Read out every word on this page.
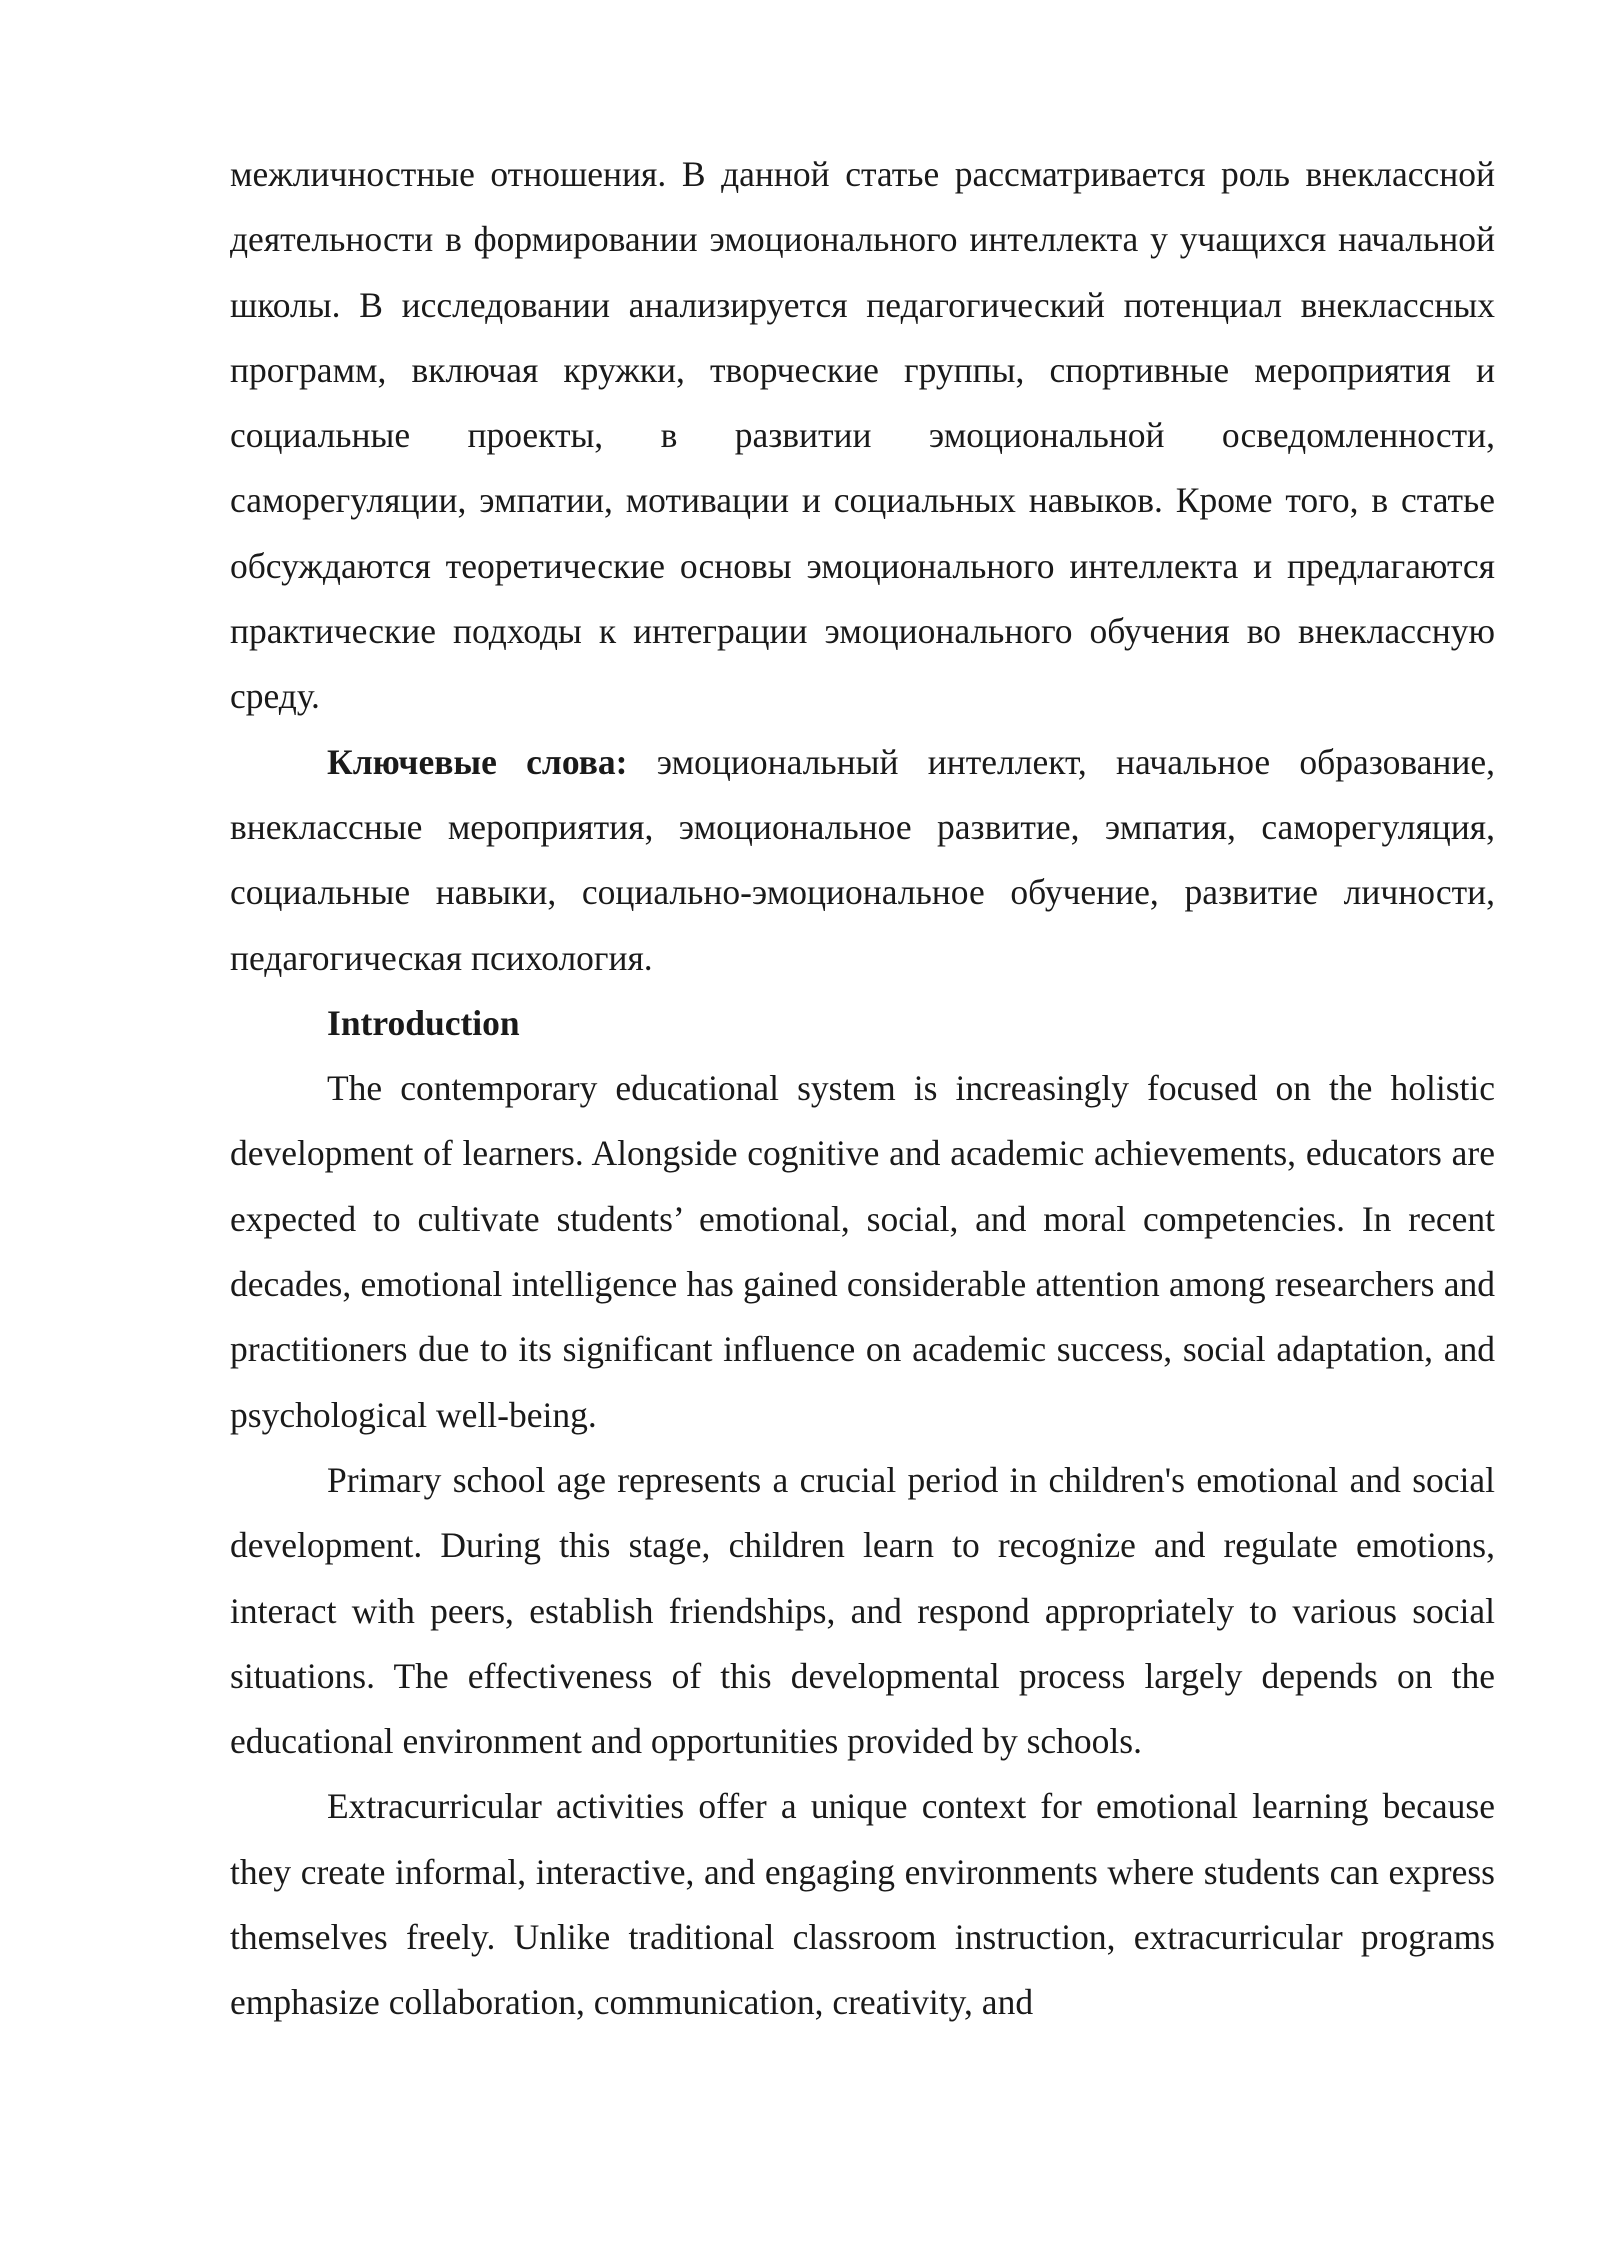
межличностные отношения. В данной статье рассматривается роль внеклассной деятельности в формировании эмоционального интеллекта у учащихся начальной школы. В исследовании анализируется педагогический потенциал внеклассных программ, включая кружки, творческие группы, спортивные мероприятия и социальные проекты, в развитии эмоциональной осведомленности, саморегуляции, эмпатии, мотивации и социальных навыков. Кроме того, в статье обсуждаются теоретические основы эмоционального интеллекта и предлагаются практические подходы к интеграции эмоционального обучения во внеклассную среду.

Ключевые слова: эмоциональный интеллект, начальное образование, внеклассные мероприятия, эмоциональное развитие, эмпатия, саморегуляция, социальные навыки, социально-эмоциональное обучение, развитие личности, педагогическая психология.

Introduction

The contemporary educational system is increasingly focused on the holistic development of learners. Alongside cognitive and academic achievements, educators are expected to cultivate students’ emotional, social, and moral competencies. In recent decades, emotional intelligence has gained considerable attention among researchers and practitioners due to its significant influence on academic success, social adaptation, and psychological well-being.

Primary school age represents a crucial period in children's emotional and social development. During this stage, children learn to recognize and regulate emotions, interact with peers, establish friendships, and respond appropriately to various social situations. The effectiveness of this developmental process largely depends on the educational environment and opportunities provided by schools.

Extracurricular activities offer a unique context for emotional learning because they create informal, interactive, and engaging environments where students can express themselves freely. Unlike traditional classroom instruction, extracurricular programs emphasize collaboration, communication, creativity, and
